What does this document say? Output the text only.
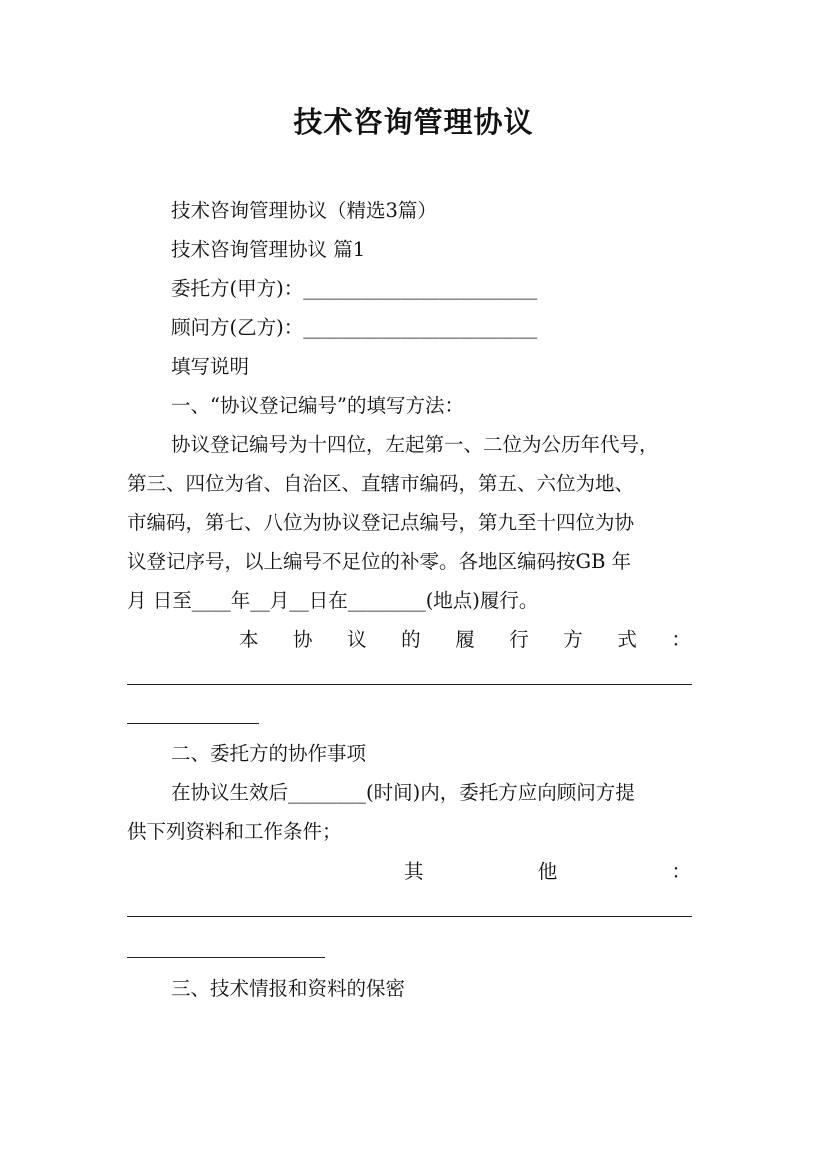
技术咨询管理协议
技术咨询管理协议（精选3篇）
技术咨询管理协议 篇1
委托方(甲方)：________________________
顾问方(乙方)：________________________
填写说明
一、“协议登记编号”的填写方法：
协议登记编号为十四位，左起第一、二位为公历年代号，
第三、四位为省、自治区、直辖市编码，第五、六位为地、
市编码，第七、八位为协议登记点编号，第九至十四位为协
议登记序号，以上编号不足位的补零。各地区编码按GB 年
月 日至____年__月__日在________(地点)履行。
本 协 议 的 履 行 方 式 ：
二、委托方的协作事项
在协议生效后________(时间)内，委托方应向顾问方提
供下列资料和工作条件；
其	他	：
三、技术情报和资料的保密
